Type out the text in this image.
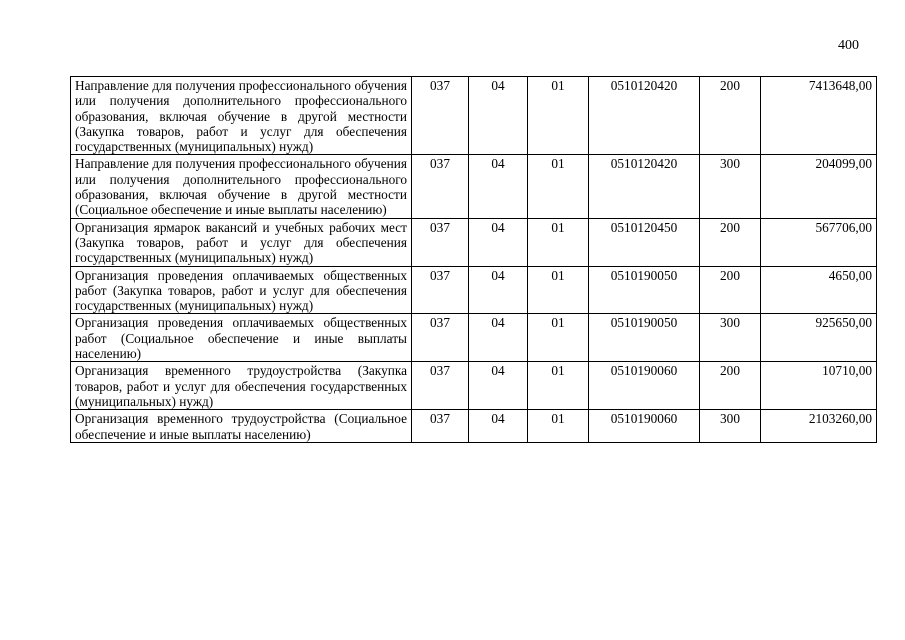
400
Направление для получения профессионального обучения или получения дополнительного профессионального образования, включая обучение в другой местности (Закупка товаров, работ и услуг для обеспечения государственных (муниципальных) нужд)	037	04	01	0510120420	200	7413648,00
Направление для получения профессионального обучения или получения дополнительного профессионального образования, включая обучение в другой местности (Социальное обеспечение и иные выплаты населению)	037	04	01	0510120420	300	204099,00
Организация ярмарок вакансий и учебных рабочих мест (Закупка товаров, работ и услуг для обеспечения государственных (муниципальных) нужд)	037	04	01	0510120450	200	567706,00
Организация проведения оплачиваемых общественных работ (Закупка товаров, работ и услуг для обеспечения государственных (муниципальных) нужд)	037	04	01	0510190050	200	4650,00
Организация проведения оплачиваемых общественных работ (Социальное обеспечение и иные выплаты населению)	037	04	01	0510190050	300	925650,00
Организация временного трудоустройства (Закупка товаров, работ и услуг для обеспечения государственных (муниципальных) нужд)	037	04	01	0510190060	200	10710,00
Организация временного трудоустройства (Социальное обеспечение и иные выплаты населению)	037	04	01	0510190060	300	2103260,00
